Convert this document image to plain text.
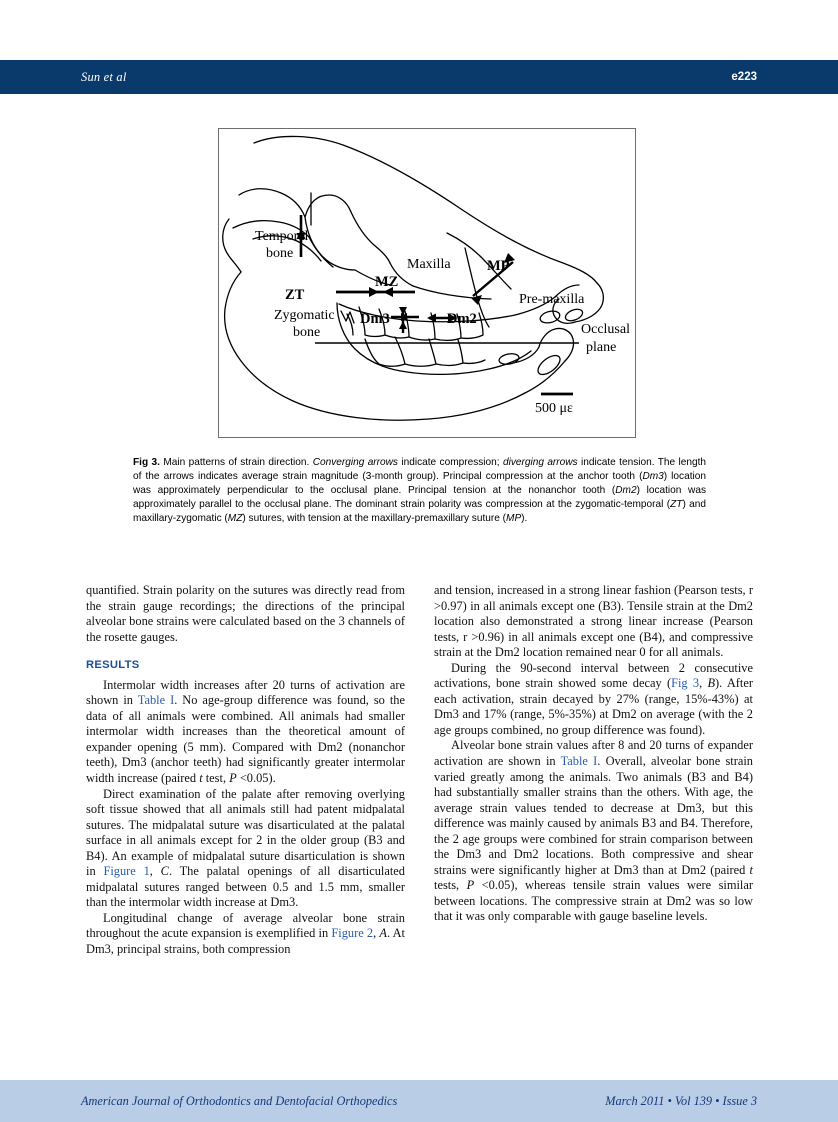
Sun et al	e223
Temporal
bone
Zygomatic
bone
Maxilla
Pre-maxilla
Occlusal
plane
500 με
ZT
MZ
MP
Dm3	Dm2
Fig 3. Main patterns of strain direction. Converging arrows indicate compression; diverging arrows indicate tension. The length of the arrows indicates average strain magnitude (3-month group). Principal compression at the anchor tooth (Dm3) location was approximately perpendicular to the occlusal plane. Principal tension at the nonanchor tooth (Dm2) location was approximately parallel to the occlusal plane. The dominant strain polarity was compression at the zygomatic-temporal (ZT) and maxillary-zygomatic (MZ) sutures, with tension at the maxillary-premaxillary suture (MP).

quantified. Strain polarity on the sutures was directly read from the strain gauge recordings; the directions of the principal alveolar bone strains were calculated based on the 3 channels of the rosette gauges.

RESULTS

Intermolar width increases after 20 turns of activation are shown in Table I. No age-group difference was found, so the data of all animals were combined. All animals had smaller intermolar width increases than the theoretical amount of expander opening (5 mm). Compared with Dm2 (nonanchor teeth), Dm3 (anchor teeth) had significantly greater intermolar width increase (paired t test, P <0.05).

Direct examination of the palate after removing overlying soft tissue showed that all animals still had patent midpalatal sutures. The midpalatal suture was disarticulated at the palatal surface in all animals except for 2 in the older group (B3 and B4). An example of midpalatal suture disarticulation is shown in Figure 1, C. The palatal openings of all disarticulated midpalatal sutures ranged between 0.5 and 1.5 mm, smaller than the intermolar width increase at Dm3.

Longitudinal change of average alveolar bone strain throughout the acute expansion is exemplified in Figure 2, A. At Dm3, principal strains, both compression

and tension, increased in a strong linear fashion (Pearson tests, r >0.97) in all animals except one (B3). Tensile strain at the Dm2 location also demonstrated a strong linear increase (Pearson tests, r >0.96) in all animals except one (B4), and compressive strain at the Dm2 location remained near 0 for all animals.

During the 90-second interval between 2 consecutive activations, bone strain showed some decay (Fig 3, B). After each activation, strain decayed by 27% (range, 15%-43%) at Dm3 and 17% (range, 5%-35%) at Dm2 on average (with the 2 age groups combined, no group difference was found).

Alveolar bone strain values after 8 and 20 turns of expander activation are shown in Table I. Overall, alveolar bone strain varied greatly among the animals. Two animals (B3 and B4) had substantially smaller strains than the others. With age, the average strain values tended to decrease at Dm3, but this difference was mainly caused by animals B3 and B4. Therefore, the 2 age groups were combined for strain comparison between the Dm3 and Dm2 locations. Both compressive and shear strains were significantly higher at Dm3 than at Dm2 (paired t tests, P <0.05), whereas tensile strain values were similar between locations. The compressive strain at Dm2 was so low that it was only comparable with gauge baseline levels.

American Journal of Orthodontics and Dentofacial Orthopedics	March 2011 • Vol 139 • Issue 3
